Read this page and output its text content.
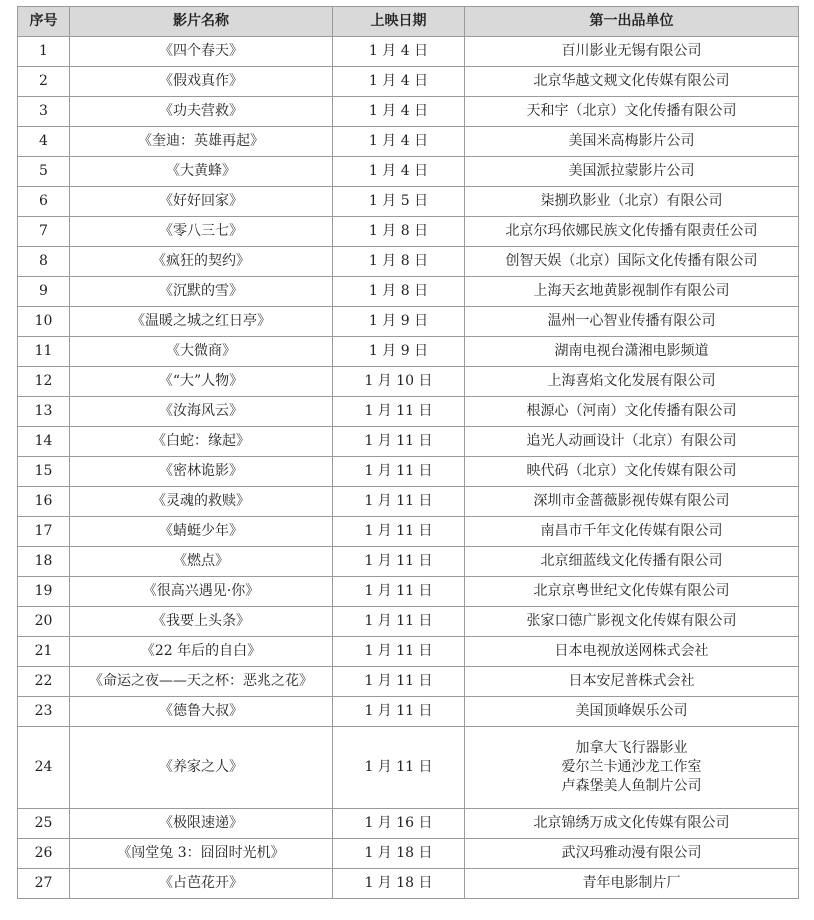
序号	影片名称	上映日期	第一出品单位
1	《四个春天》	1 月 4 日	百川影业无锡有限公司

2	《假戏真作》	1 月 4 日	北京华越文觌文化传媒有限公司

3	《功夫营救》	1 月 4 日	天和宇（北京）文化传播有限公司

4	《奎迪：英雄再起》	1 月 4 日	美国米高梅影片公司

5	《大黄蜂》	1 月 4 日	美国派拉蒙影片公司

6	《好好回家》	1 月 5 日	柒捌玖影业（北京）有限公司

7	《零八三七》	1 月 8 日	北京尔玛依娜民族文化传播有限责任公司

8	《疯狂的契约》	1 月 8 日	创智天娱（北京）国际文化传播有限公司

9	《沉默的雪》	1 月 8 日	上海天玄地黄影视制作有限公司

10	《温暖之城之红日亭》	1 月 9 日	温州一心智业传播有限公司

11	《大微商》	1 月 9 日	湖南电视台潇湘电影频道

12	《“大”人物》	1 月 10 日	上海喜焰文化发展有限公司

13	《汝海风云》	1 月 11 日	根源心（河南）文化传播有限公司

14	《白蛇：缘起》	1 月 11 日	追光人动画设计（北京）有限公司

15	《密林诡影》	1 月 11 日	映代码（北京）文化传媒有限公司

16	《灵魂的救赎》	1 月 11 日	深圳市金蔷薇影视传媒有限公司

17	《蜻蜓少年》	1 月 11 日	南昌市千年文化传媒有限公司

18	《燃点》	1 月 11 日	北京细蓝线文化传播有限公司

19	《很高兴遇见·你》	1 月 11 日	北京京粤世纪文化传媒有限公司

20	《我要上头条》	1 月 11 日	张家口德广影视文化传媒有限公司

21	《22 年后的自白》	1 月 11 日	日本电视放送网株式会社

22	《命运之夜——天之杯：恶兆之花》	1 月 11 日	日本安尼普株式会社

23	《德鲁大叔》	1 月 11 日	美国顶峰娱乐公司

24	《养家之人》	1 月 11 日	加拿大飞行器影业
爱尔兰卡通沙龙工作室
卢森堡美人鱼制片公司

25	《极限速递》	1 月 16 日	北京锦绣万成文化传媒有限公司

26	《闯堂兔 3：囧囧时光机》	1 月 18 日	武汉玛雅动漫有限公司

27	《占芭花开》	1 月 18 日	青年电影制片厂
